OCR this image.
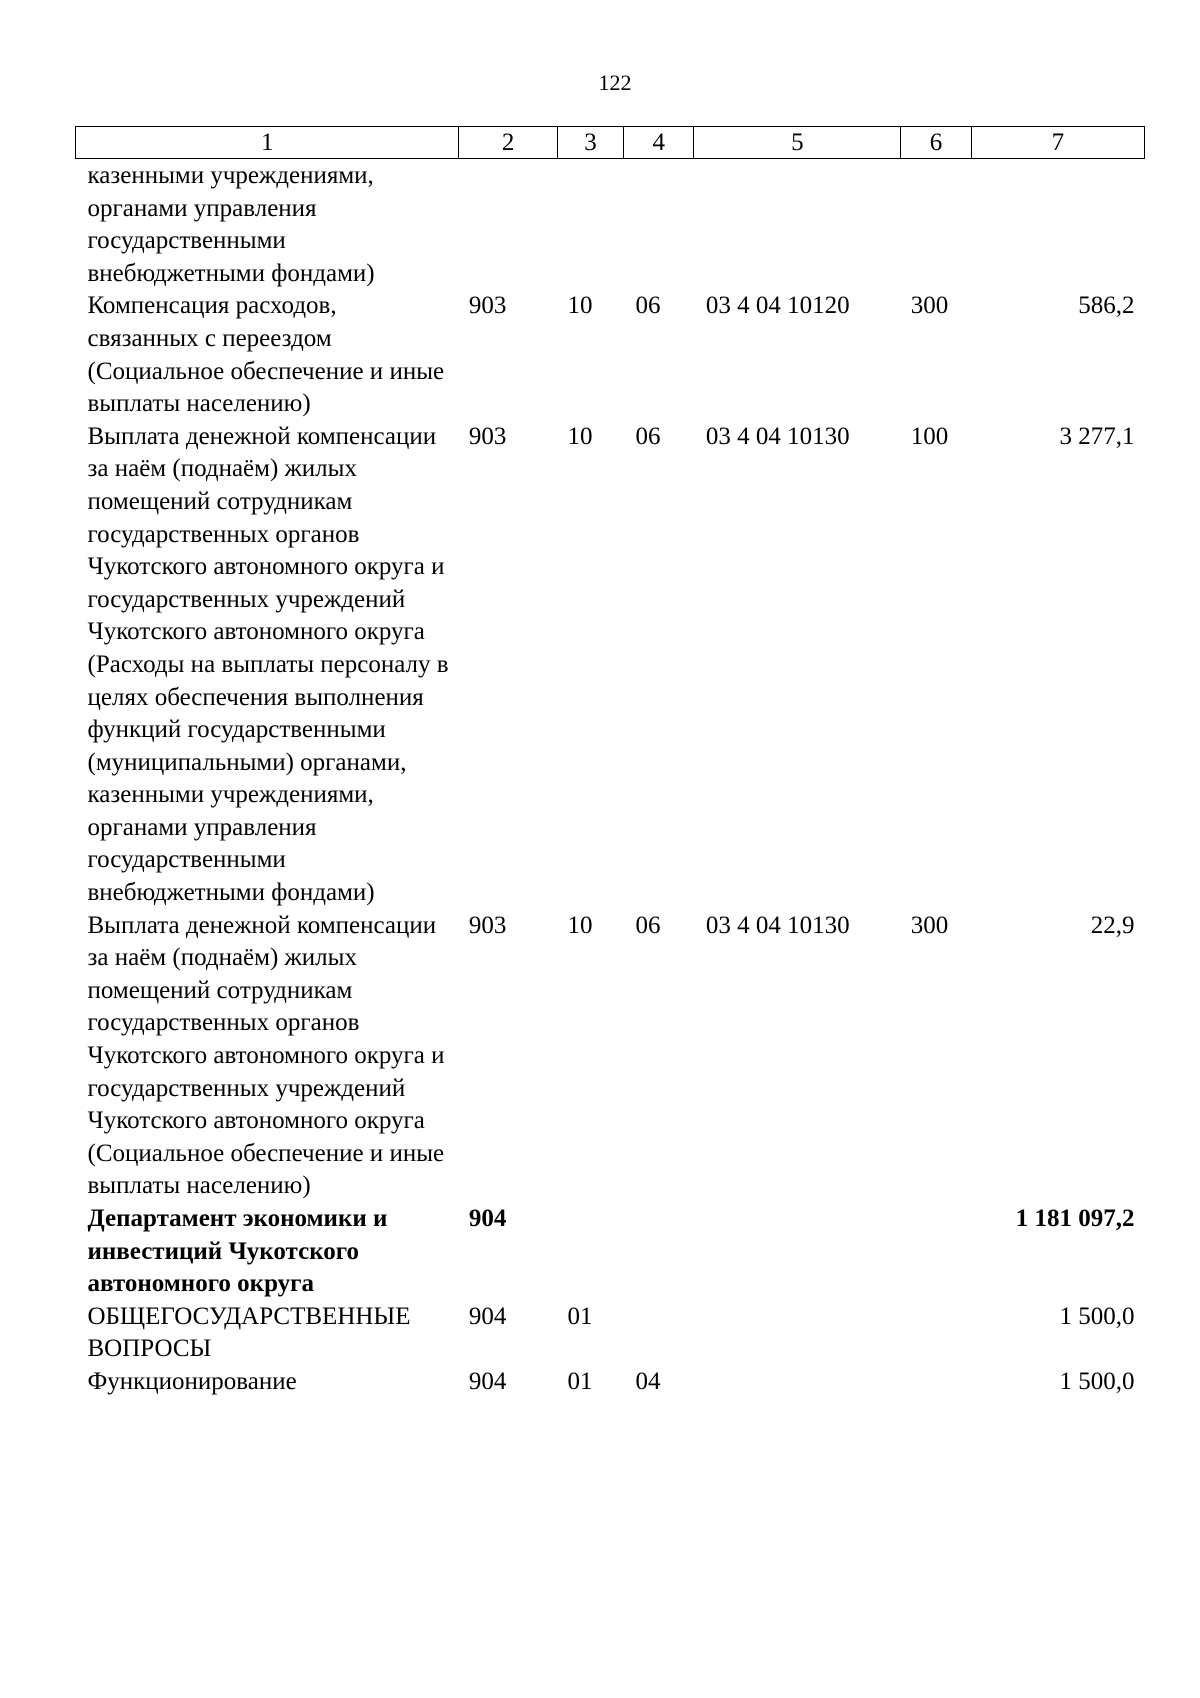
122
1	2	3	4	5	6	7
казенными учреждениями, органами управления государственными внебюджетными фондами)						
Компенсация расходов, связанных с переездом (Социальное обеспечение и иные выплаты населению)	903	10	06	03 4 04 10120	300	586,2
Выплата денежной компенсации за наём (поднаём) жилых помещений сотрудникам государственных органов Чукотского автономного округа и государственных учреждений Чукотского автономного округа (Расходы на выплаты персоналу в целях обеспечения выполнения функций государственными (муниципальными) органами, казенными учреждениями, органами управления государственными внебюджетными фондами)	903	10	06	03 4 04 10130	100	3 277,1
Выплата денежной компенсации за наём (поднаём) жилых помещений сотрудникам государственных органов Чукотского автономного округа и государственных учреждений Чукотского автономного округа (Социальное обеспечение и иные выплаты населению)	903	10	06	03 4 04 10130	300	22,9
Департамент экономики и инвестиций Чукотского автономного округа	904					1 181 097,2
ОБЩЕГОСУДАРСТВЕННЫЕ ВОПРОСЫ	904	01				1 500,0
Функционирование	904	01	04			1 500,0
